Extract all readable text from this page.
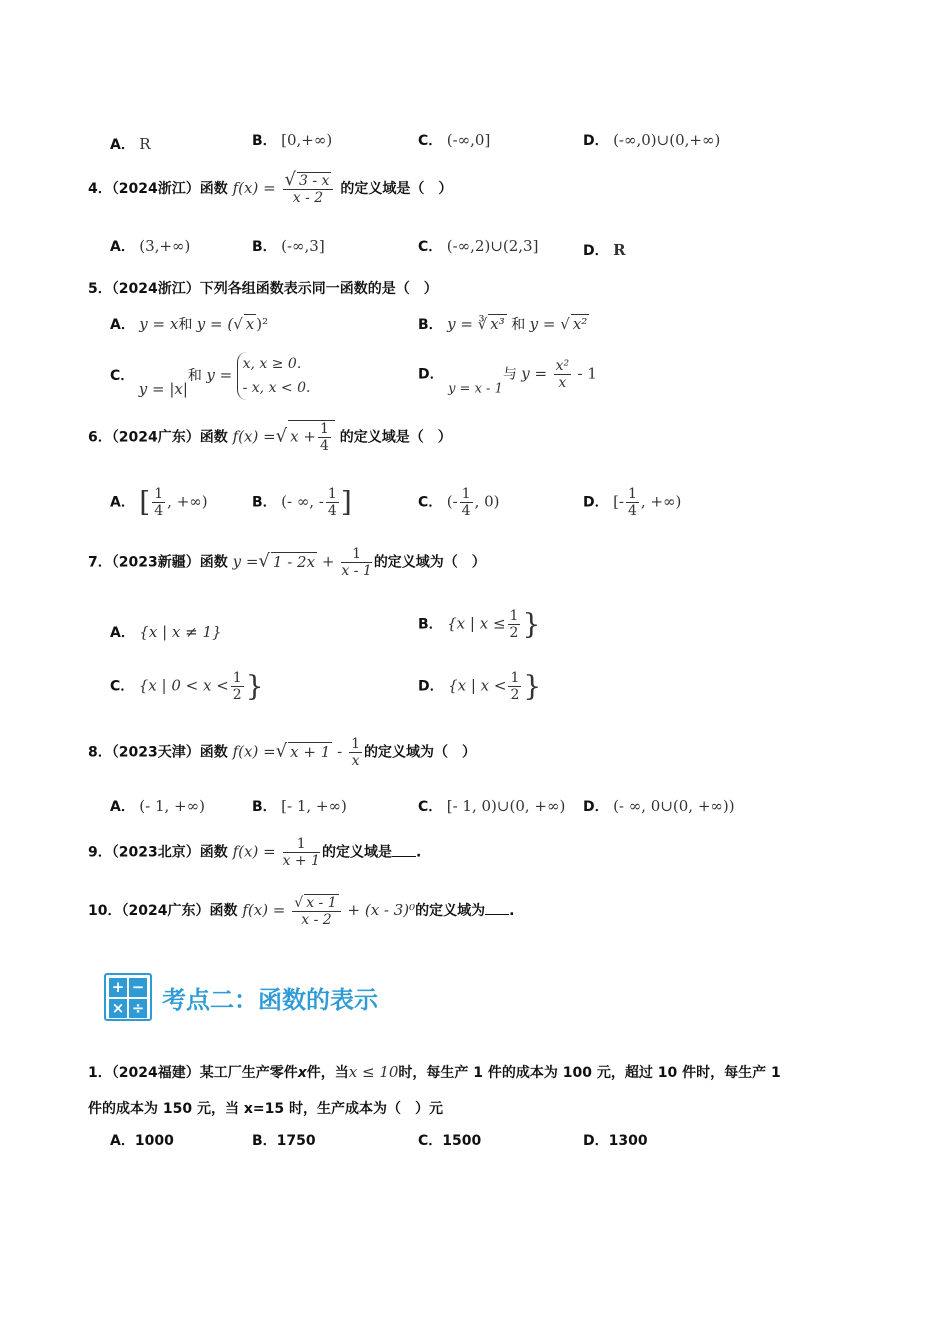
A． R	B． [0,+∞)	C． (-∞,0]	D． (-∞,0)∪(0,+∞)
4．（2024浙江）函数 $f(x) = \frac{√ 3 - x}{x - 2}$ 的定义域是（　）
A． (3,+∞)	B． (-∞,3]	C． (-∞,2)∪(2,3]	D． R
5．（2024浙江）下列各组函数表示同一函数的是（　）
A． y = x和 y = (√ x )²	B． y = ∛ x³ 和 y = √ x²
C． y = |x|和 y =
x, x ≥ 0.
- x, x < 0.
D． y = x - 1与 $y = \frac{\text{x²}}{x} - 1$
6．（2024广东）函数 f(x) =√ $x + \frac{1}{4}$ 的定义域是（　）
A． [ $\frac{1}{4}$ , +∞)	B． (- ∞, - $\frac{1}{4}$ ]	C． (- $\frac{1}{4}$ , 0)	D． [- $\frac{1}{4}$ , +∞)
7．（2023新疆）函数 y =√ $1 - 2x + \frac{1}{x - 1}$ 的定义域为（　）
A． {x | x ≠ 1}	B． {x | $x \le \frac{1}{2}$ }
C． {x | $0 < x < \frac{1}{2}$ }	D． {x | $x < \frac{1}{2}$ }
8．（2023天津）函数 f(x) =√ $x + 1 - \frac{1}{x}$ 的定义域为（　）
A． (- 1, +∞)	B． [- 1, +∞)	C． [- 1, 0)∪(0, +∞) D． (- ∞, 0∪(0, +∞))
9．（2023北京）函数 $f(x) = \frac{1}{x + 1}$ 的定义域是 .
10．（2024广东）函数 $f(x) = \frac{√ x - 1}{x - 2} + (x - 3)^0$的定义域为 .
+ −
× ÷ 考点二：函数的表示
1．（2024福建）某工厂生产零件x件，当x ≤ 10时，每生产 1 件的成本为 100 元，超过 10 件时，每生产 1
件的成本为 150 元，当 x=15 时，生产成本为（　）元
A．1000	B．1750	C．1500	D．1300
